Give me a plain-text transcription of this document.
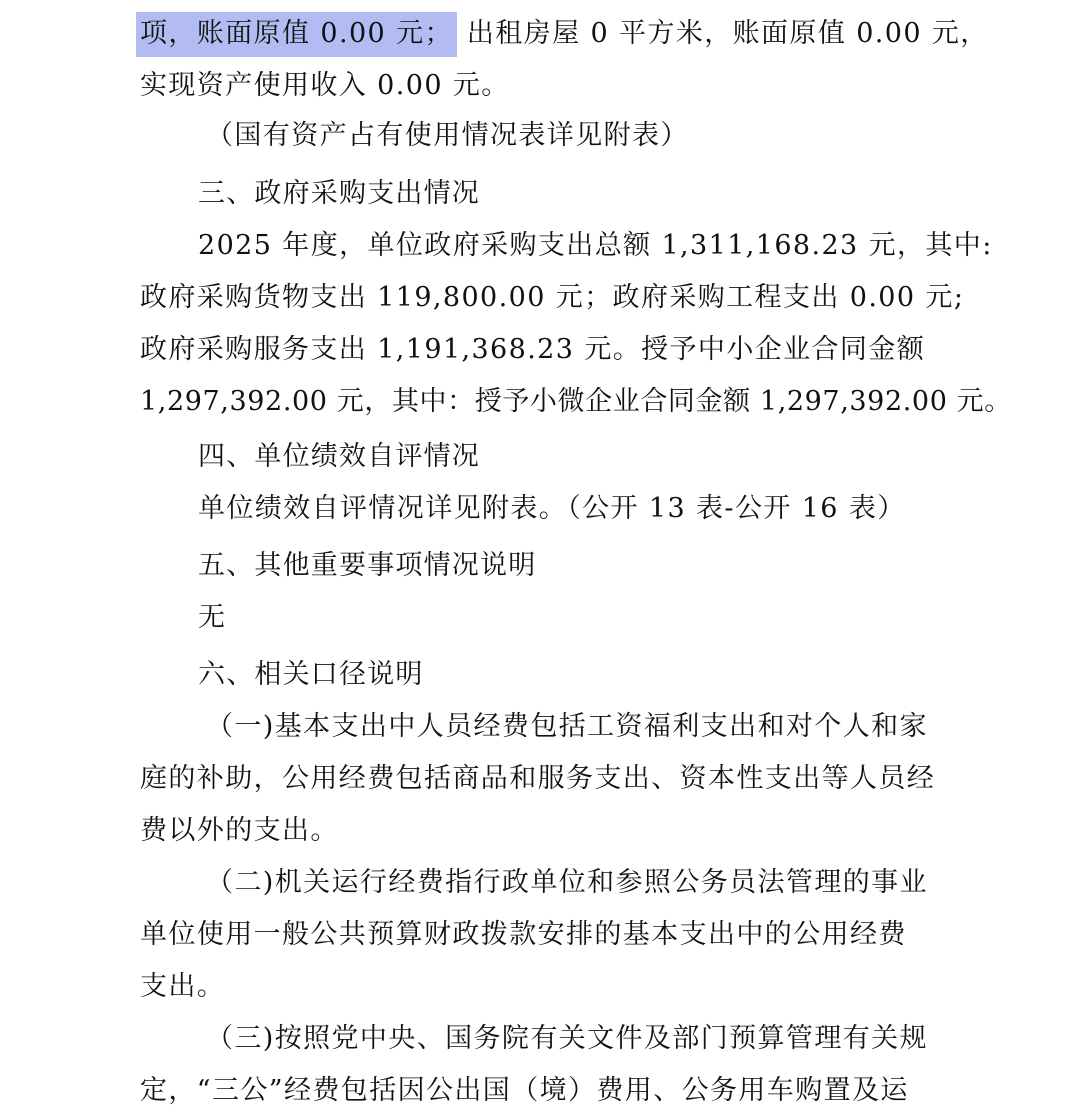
项，账面原值 0.00 元； 出租房屋 0 平方米，账面原值 0.00 元，
实现资产使用收入 0.00 元。
（国有资产占有使用情况表详见附表）
三、政府采购支出情况
2025 年度，单位政府采购支出总额 1,311,168.23 元，其中:
政府采购货物支出 119,800.00 元；政府采购工程支出 0.00 元;
政府采购服务支出 1,191,368.23 元。授予中小企业合同金额
1,297,392.00 元，其中：授予小微企业合同金额 1,297,392.00 元。
四、单位绩效自评情况
单位绩效自评情况详见附表。（公开 13 表-公开 16 表）
五、其他重要事项情况说明
无
六、相关口径说明
（一)基本支出中人员经费包括工资福利支出和对个人和家
庭的补助，公用经费包括商品和服务支出、资本性支出等人员经
费以外的支出。
（二)机关运行经费指行政单位和参照公务员法管理的事业
单位使用一般公共预算财政拨款安排的基本支出中的公用经费
支出。
（三)按照党中央、国务院有关文件及部门预算管理有关规
定，“三公”经费包括因公出国（境）费用、公务用车购置及运
